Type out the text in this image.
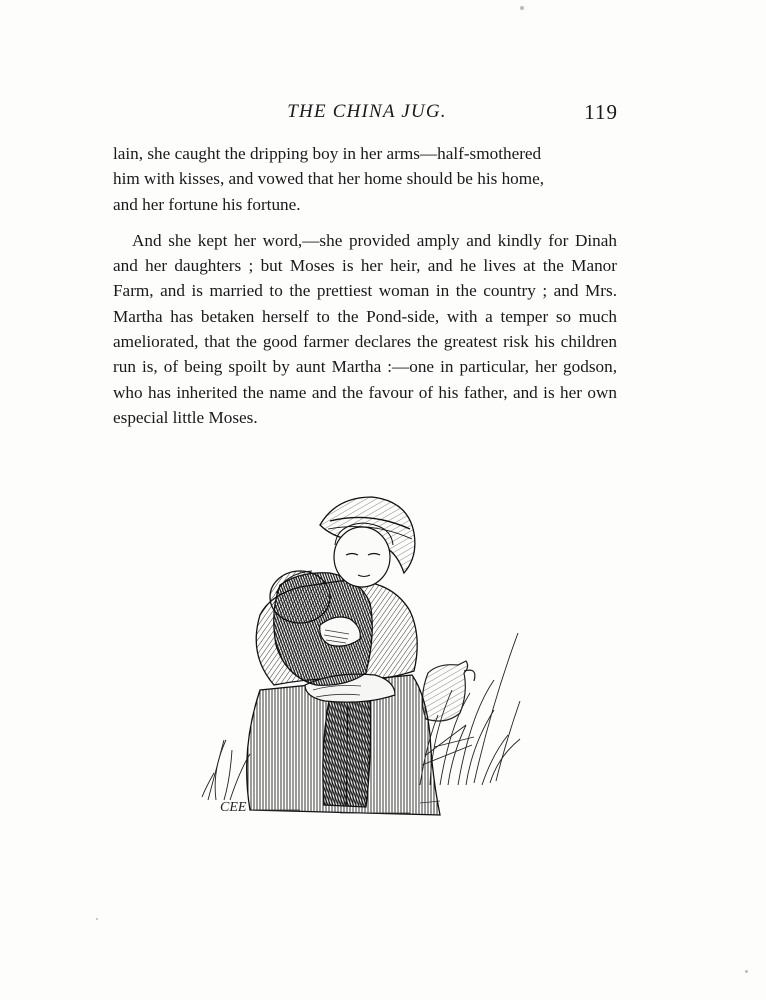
THE CHINA JUG.	119

lain, she caught the dripping boy in her arms—half-smothered
him with kisses, and vowed that her home should be his home,
and her fortune his fortune.

And she kept her word,—she provided amply and kindly for Dinah and her daughters ; but Moses is her heir, and he lives at the Manor Farm, and is married to the prettiest woman in the country ; and Mrs. Martha has betaken herself to the Pond-side, with a temper so much ameliorated, that the good farmer declares the greatest risk his children run is, of being spoilt by aunt Martha :—one in particular, her godson, who has inherited the name and the favour of his father, and is her own especial little Moses.

CEE
